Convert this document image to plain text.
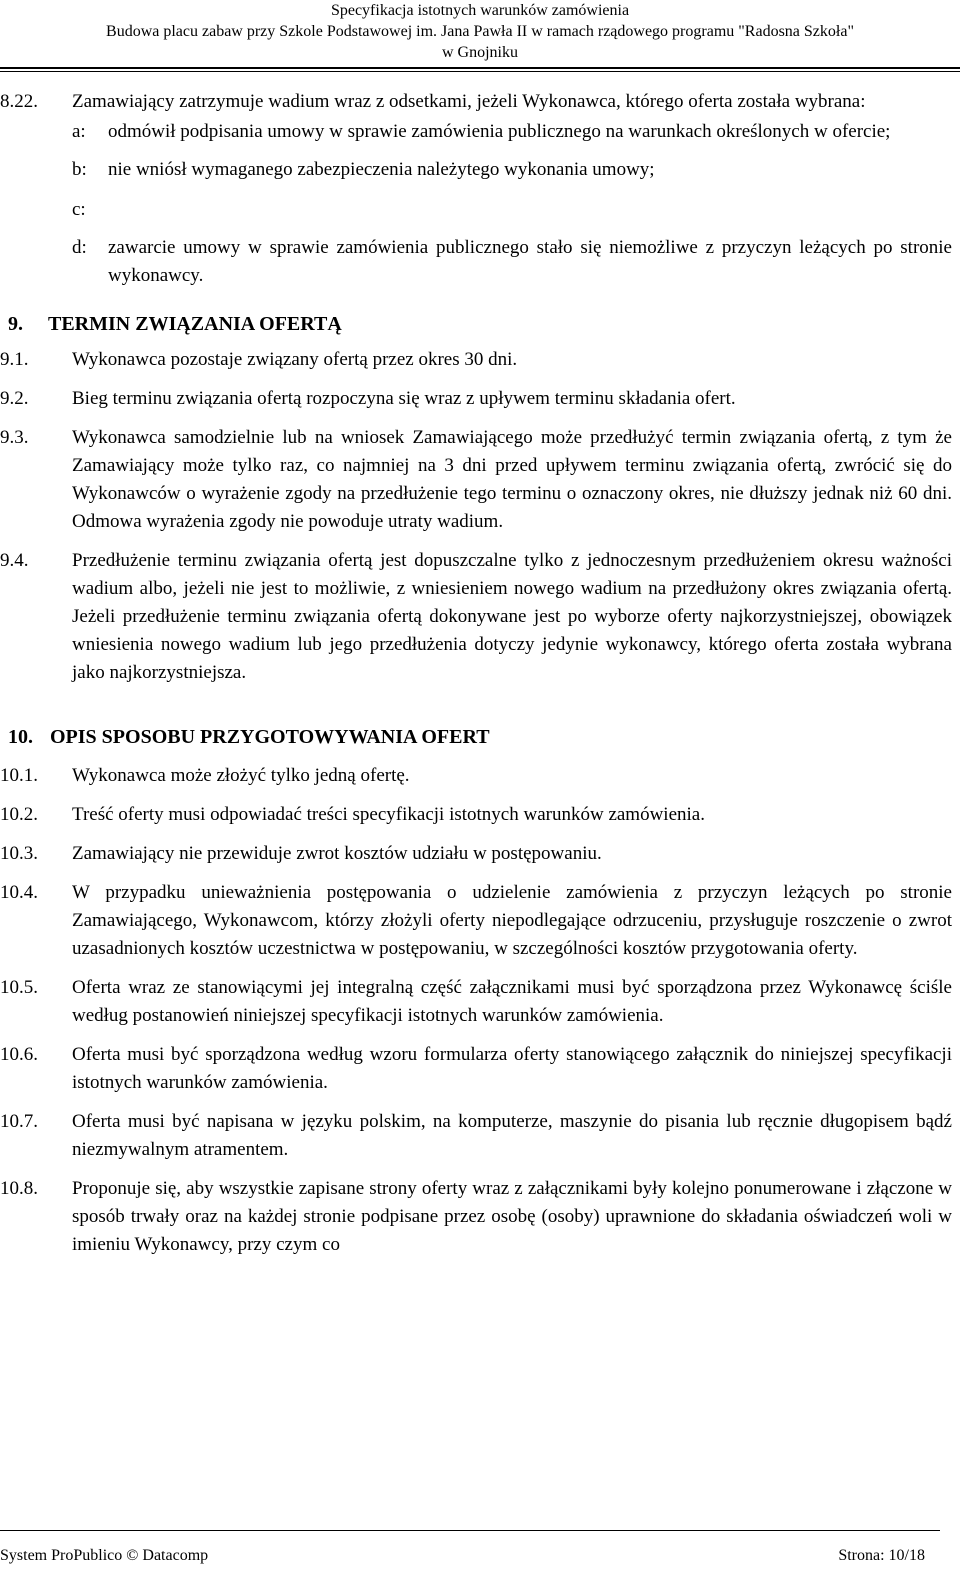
Specyfikacja istotnych warunków zamówienia
Budowa placu zabaw przy Szkole Podstawowej im. Jana Pawła II w ramach rządowego programu "Radosna Szkoła"
w Gnojniku
8.22. Zamawiający zatrzymuje wadium wraz z odsetkami, jeżeli Wykonawca, którego oferta została wybrana:
a: odmówił podpisania umowy w sprawie zamówienia publicznego na warunkach określonych w ofercie;
b: nie wniósł wymaganego zabezpieczenia należytego wykonania umowy;
c:
d: zawarcie umowy w sprawie zamówienia publicznego stało się niemożliwe z przyczyn leżących po stronie wykonawcy.
9. TERMIN ZWIĄZANIA OFERTĄ
9.1. Wykonawca pozostaje związany ofertą przez okres 30 dni.
9.2. Bieg terminu związania ofertą rozpoczyna się wraz z upływem terminu składania ofert.
9.3. Wykonawca samodzielnie lub na wniosek Zamawiającego może przedłużyć termin związania ofertą, z tym że Zamawiający może tylko raz, co najmniej na 3 dni przed upływem terminu związania ofertą, zwrócić się do Wykonawców o wyrażenie zgody na przedłużenie tego terminu o oznaczony okres, nie dłuższy jednak niż 60 dni. Odmowa wyrażenia zgody nie powoduje utraty wadium.
9.4. Przedłużenie terminu związania ofertą jest dopuszczalne tylko z jednoczesnym przedłużeniem okresu ważności wadium albo, jeżeli nie jest to możliwie, z wniesieniem nowego wadium na przedłużony okres związania ofertą. Jeżeli przedłużenie terminu związania ofertą dokonywane jest po wyborze oferty najkorzystniejszej, obowiązek wniesienia nowego wadium lub jego przedłużenia dotyczy jedynie wykonawcy, którego oferta została wybrana jako najkorzystniejsza.
10. OPIS SPOSOBU PRZYGOTOWYWANIA OFERT
10.1. Wykonawca może złożyć tylko jedną ofertę.
10.2. Treść oferty musi odpowiadać treści specyfikacji istotnych warunków zamówienia.
10.3. Zamawiający nie przewiduje zwrot kosztów udziału w postępowaniu.
10.4. W przypadku unieważnienia postępowania o udzielenie zamówienia z przyczyn leżących po stronie Zamawiającego, Wykonawcom, którzy złożyli oferty niepodlegające odrzuceniu, przysługuje roszczenie o zwrot uzasadnionych kosztów uczestnictwa w postępowaniu, w szczególności kosztów przygotowania oferty.
10.5. Oferta wraz ze stanowiącymi jej integralną część załącznikami musi być sporządzona przez Wykonawcę ściśle według postanowień niniejszej specyfikacji istotnych warunków zamówienia.
10.6. Oferta musi być sporządzona według wzoru formularza oferty stanowiącego załącznik do niniejszej specyfikacji istotnych warunków zamówienia.
10.7. Oferta musi być napisana w języku polskim, na komputerze, maszynie do pisania lub ręcznie długopisem bądź niezmywalnym atramentem.
10.8. Proponuje się, aby wszystkie zapisane strony oferty wraz z załącznikami były kolejno ponumerowane i złączone w sposób trwały oraz na każdej stronie podpisane przez osobę (osoby) uprawnione do składania oświadczeń woli w imieniu Wykonawcy, przy czym co
System ProPublico © Datacomp	Strona: 10/18
